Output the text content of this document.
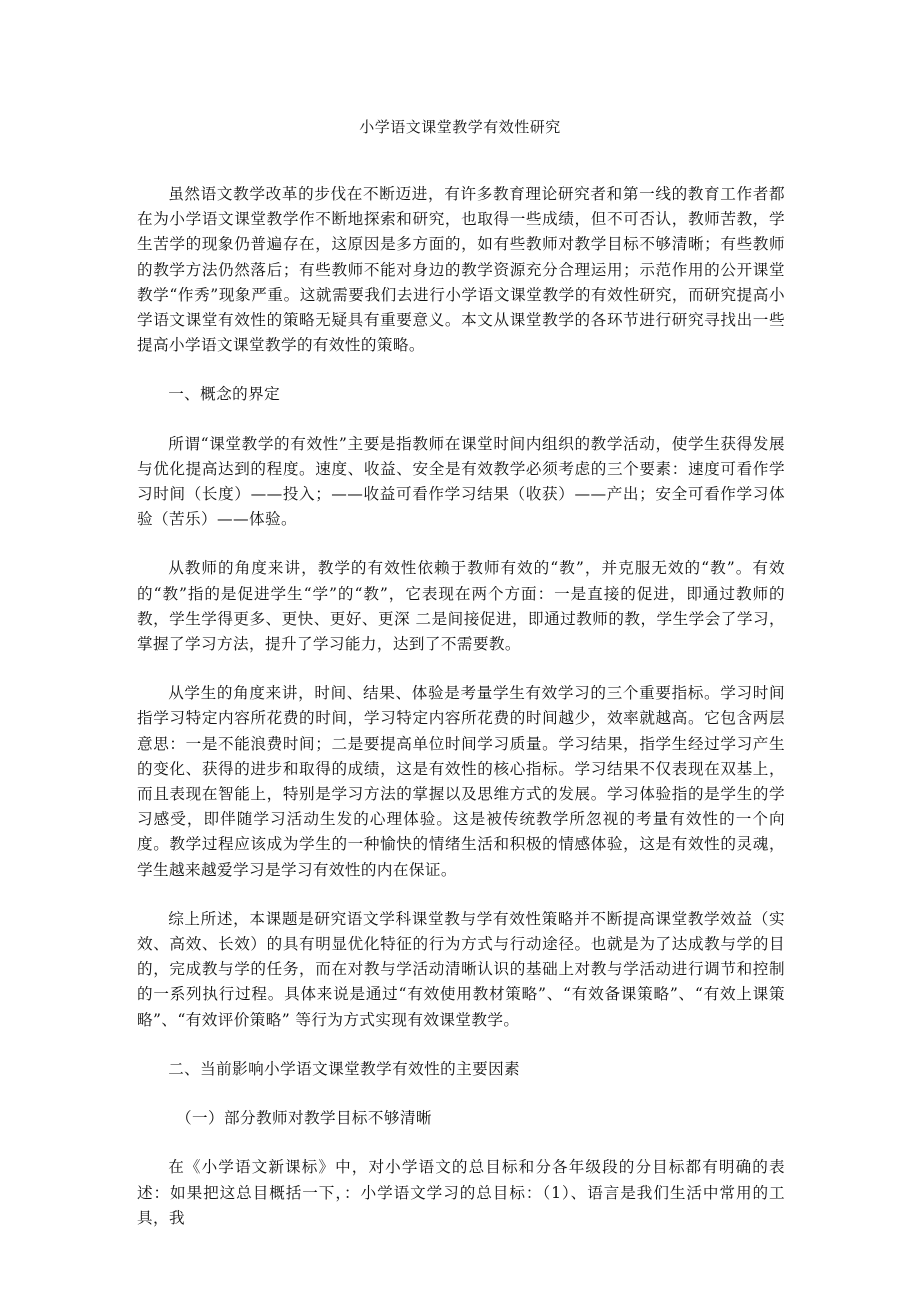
小学语文课堂教学有效性研究

虽然语文教学改革的步伐在不断迈进，有许多教育理论研究者和第一线的教育工作者都在为小学语文课堂教学作不断地探索和研究，也取得一些成绩，但不可否认，教师苦教，学生苦学的现象仍普遍存在，这原因是多方面的，如有些教师对教学目标不够清晰；有些教师的教学方法仍然落后；有些教师不能对身边的教学资源充分合理运用；示范作用的公开课堂教学“作秀”现象严重。这就需要我们去进行小学语文课堂教学的有效性研究，而研究提高小学语文课堂有效性的策略无疑具有重要意义。本文从课堂教学的各环节进行研究寻找出一些提高小学语文课堂教学的有效性的策略。

一、概念的界定

所谓“课堂教学的有效性”主要是指教师在课堂时间内组织的教学活动，使学生获得发展与优化提高达到的程度。速度、收益、安全是有效教学必须考虑的三个要素：速度可看作学习时间（长度）——投入；——收益可看作学习结果（收获）——产出；安全可看作学习体验（苦乐）——体验。

从教师的角度来讲，教学的有效性依赖于教师有效的“教”，并克服无效的“教”。有效的“教”指的是促进学生“学”的“教”，它表现在两个方面：一是直接的促进，即通过教师的教，学生学得更多、更快、更好、更深 二是间接促进，即通过教师的教，学生学会了学习，掌握了学习方法，提升了学习能力，达到了不需要教。

从学生的角度来讲，时间、结果、体验是考量学生有效学习的三个重要指标。学习时间指学习特定内容所花费的时间，学习特定内容所花费的时间越少，效率就越高。它包含两层意思：一是不能浪费时间；二是要提高单位时间学习质量。学习结果，指学生经过学习产生的变化、获得的进步和取得的成绩，这是有效性的核心指标。学习结果不仅表现在双基上，而且表现在智能上，特别是学习方法的掌握以及思维方式的发展。学习体验指的是学生的学习感受，即伴随学习活动生发的心理体验。这是被传统教学所忽视的考量有效性的一个向度。教学过程应该成为学生的一种愉快的情绪生活和积极的情感体验，这是有效性的灵魂，学生越来越爱学习是学习有效性的内在保证。

综上所述，本课题是研究语文学科课堂教与学有效性策略并不断提高课堂教学效益（实效、高效、长效）的具有明显优化特征的行为方式与行动途径。也就是为了达成教与学的目的，完成教与学的任务，而在对教与学活动清晰认识的基础上对教与学活动进行调节和控制的一系列执行过程。具体来说是通过“有效使用教材策略”、“有效备课策略”、“有效上课策略”、“有效评价策略” 等行为方式实现有效课堂教学。

二、当前影响小学语文课堂教学有效性的主要因素

（一）部分教师对教学目标不够清晰

在《小学语文新课标》中，对小学语文的总目标和分各年级段的分目标都有明确的表述：如果把这总目概括一下，：小学语文学习的总目标：（1）、语言是我们生活中常用的工具，我
